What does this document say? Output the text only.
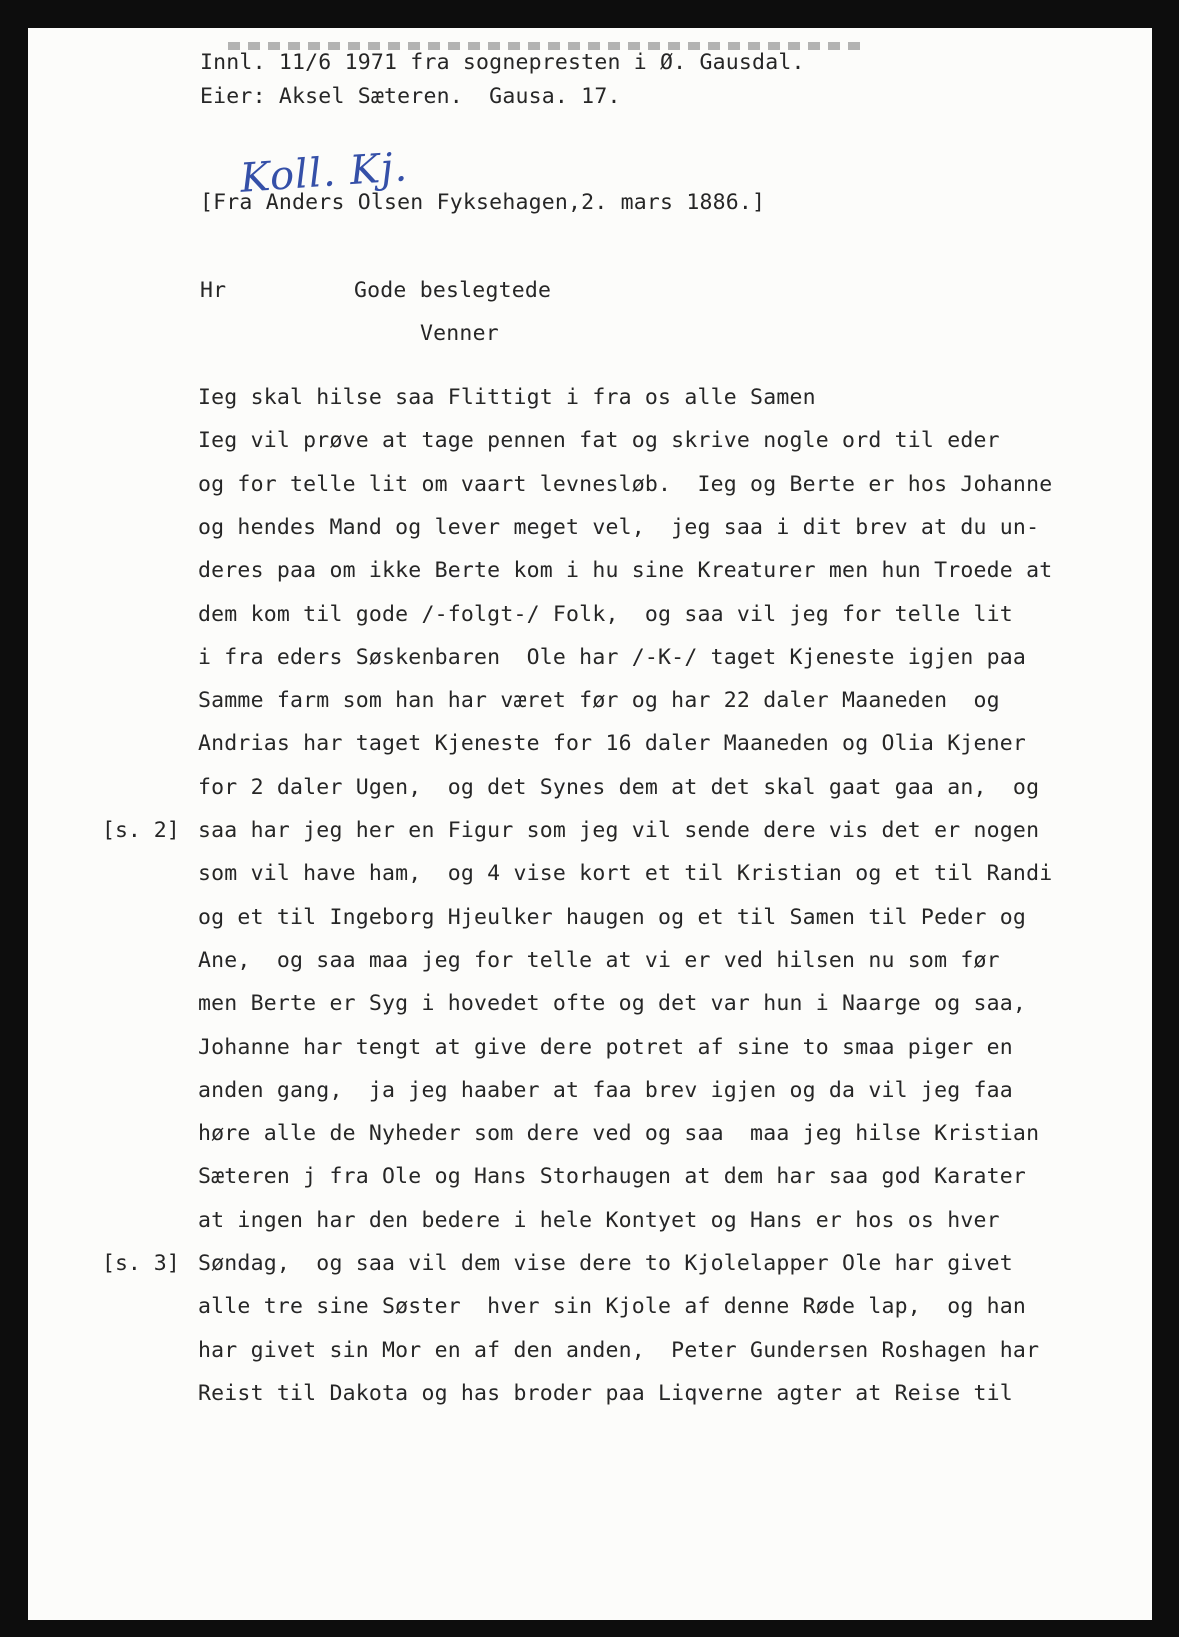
Innl. 11/6 1971 fra sognepresten i Ø. Gausdal.
Eier: Aksel Sæteren.  Gausa. 17.
Koll. Kj.
[Fra Anders Olsen Fyksehagen,2. mars 1886.]
Hr	Gode beslegtede
Venner
Ieg skal hilse saa Flittigt i fra os alle Samen
Ieg vil prøve at tage pennen fat og skrive nogle ord til eder
og for telle lit om vaart levnesløb.  Ieg og Berte er hos Johanne
og hendes Mand og lever meget vel,  jeg saa i dit brev at du un-
deres paa om ikke Berte kom i hu sine Kreaturer men hun Troede at
dem kom til gode /-folgt-/ Folk,  og saa vil jeg for telle lit
i fra eders Søskenbaren  Ole har /-K-/ taget Kjeneste igjen paa
Samme farm som han har været før og har 22 daler Maaneden  og
Andrias har taget Kjeneste for 16 daler Maaneden og Olia Kjener
for 2 daler Ugen,  og det Synes dem at det skal gaat gaa an,  og
saa har jeg her en Figur som jeg vil sende dere vis det er nogen
som vil have ham,  og 4 vise kort et til Kristian og et til Randi
og et til Ingeborg Hjeulker haugen og et til Samen til Peder og
Ane,  og saa maa jeg for telle at vi er ved hilsen nu som før
men Berte er Syg i hovedet ofte og det var hun i Naarge og saa,
Johanne har tengt at give dere potret af sine to smaa piger en
anden gang,  ja jeg haaber at faa brev igjen og da vil jeg faa
høre alle de Nyheder som dere ved og saa  maa jeg hilse Kristian
Sæteren j fra Ole og Hans Storhaugen at dem har saa god Karater
at ingen har den bedere i hele Kontyet og Hans er hos os hver
Søndag,  og saa vil dem vise dere to Kjolelapper Ole har givet
alle tre sine Søster  hver sin Kjole af denne Røde lap,  og han
har givet sin Mor en af den anden,  Peter Gundersen Roshagen har
Reist til Dakota og has broder paa Liqverne agter at Reise til
[s. 2]
[s. 3]
